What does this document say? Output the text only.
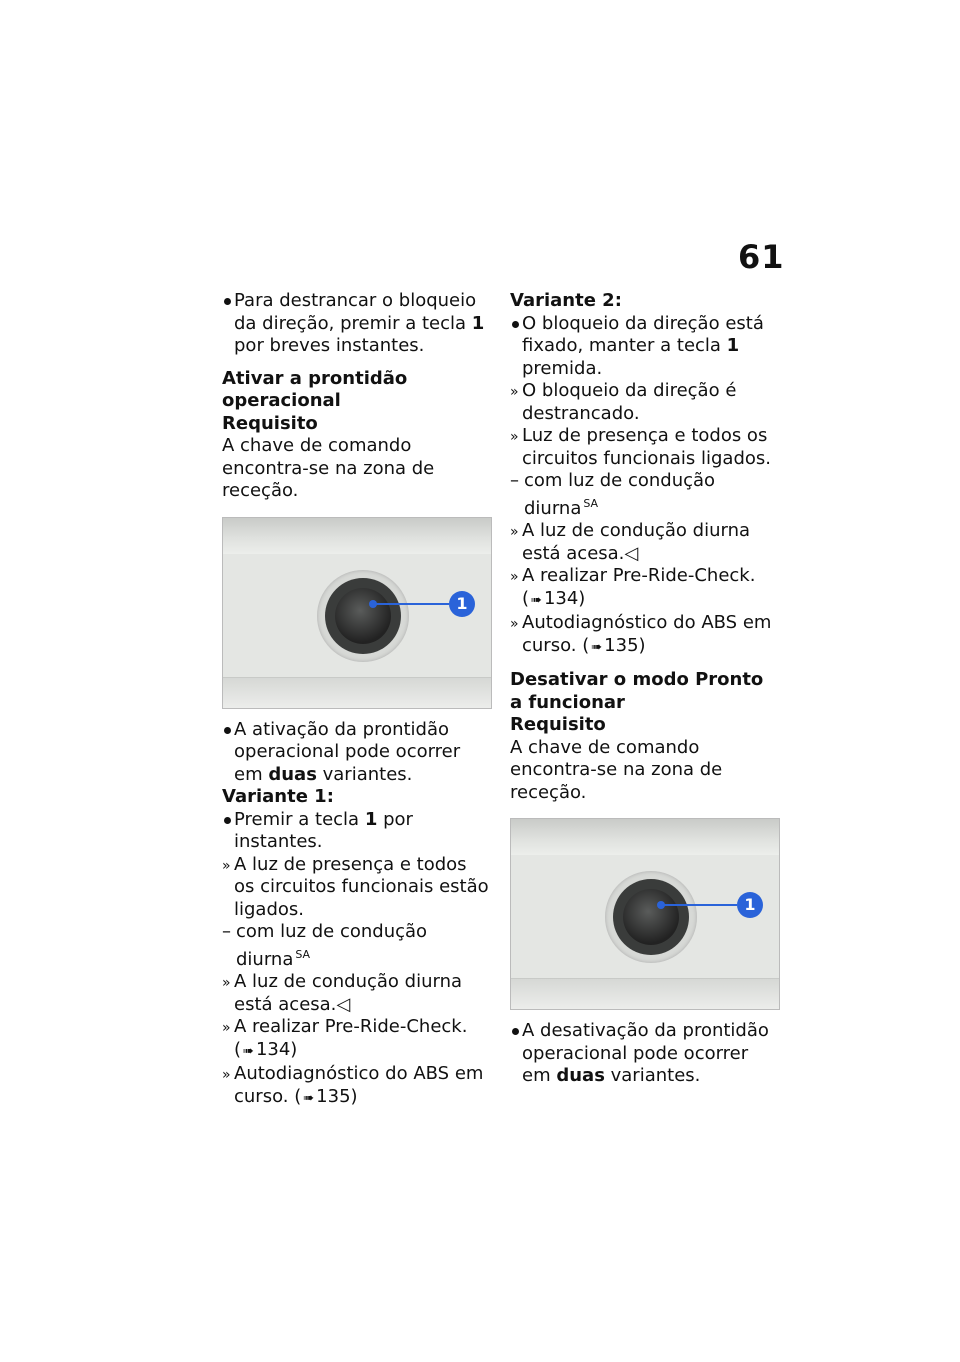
61
Para destrancar o bloqueio da direção, premir a tecla 1 por breves instantes.
Ativar a prontidão operacional
Requisito
A chave de comando encontra-se na zona de receção.
1
A ativação da prontidão operacional pode ocorrer em duas variantes.
Variante 1:
Premir a tecla 1 por instantes.
» A luz de presença e todos os circuitos funcionais estão ligados.
– com luz de condução diurna $^{SA}$
» A luz de condução diurna está acesa.◁
» A realizar Pre-Ride-Check.
( ➠ 134)
» Autodiagnóstico do ABS em curso. ( ➠ 135)
Variante 2:
O bloqueio da direção está fixado, manter a tecla 1 premida.
» O bloqueio da direção é destrancado.
» Luz de presença e todos os circuitos funcionais ligados.
– com luz de condução diurna $^{SA}$
» A luz de condução diurna está acesa.◁
» A realizar Pre-Ride-Check.
( ➠ 134)
» Autodiagnóstico do ABS em curso. ( ➠ 135)
Desativar o modo Pronto a funcionar
Requisito
A chave de comando encontra-se na zona de receção.
1
A desativação da prontidão operacional pode ocorrer em duas variantes.
